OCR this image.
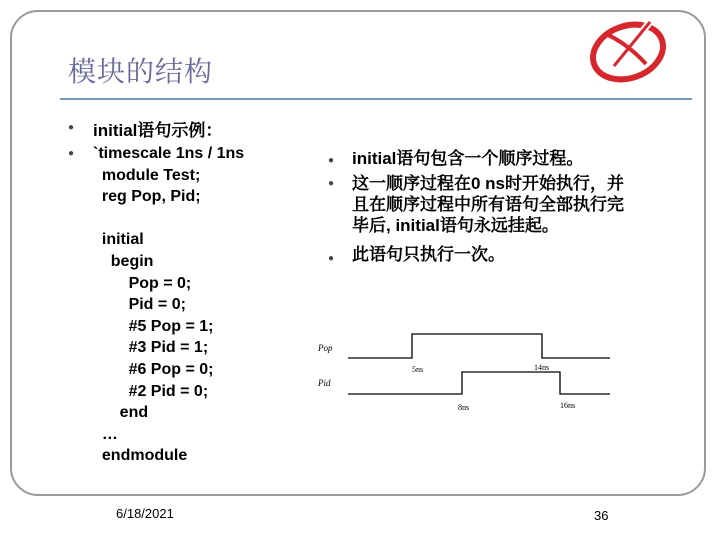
模块的结构
● initial语句示例：
● `timescale 1ns / 1ns
module Test;
reg Pop, Pid;
initial
begin
Pop = 0;
Pid = 0;
#5 Pop = 1;
#3 Pid = 1;
#6 Pop = 0;
#2 Pid = 0;
end
…
endmodule
●
●
●
initial语句包含一个顺序过程。
这一顺序过程在0 ns时开始执行，并
且在顺序过程中所有语句全部执行完
毕后, initial语句永远挂起。
此语句只执行一次。
Pop
Pid
5ns	14ns
8ns	16ns
6/18/2021	36
